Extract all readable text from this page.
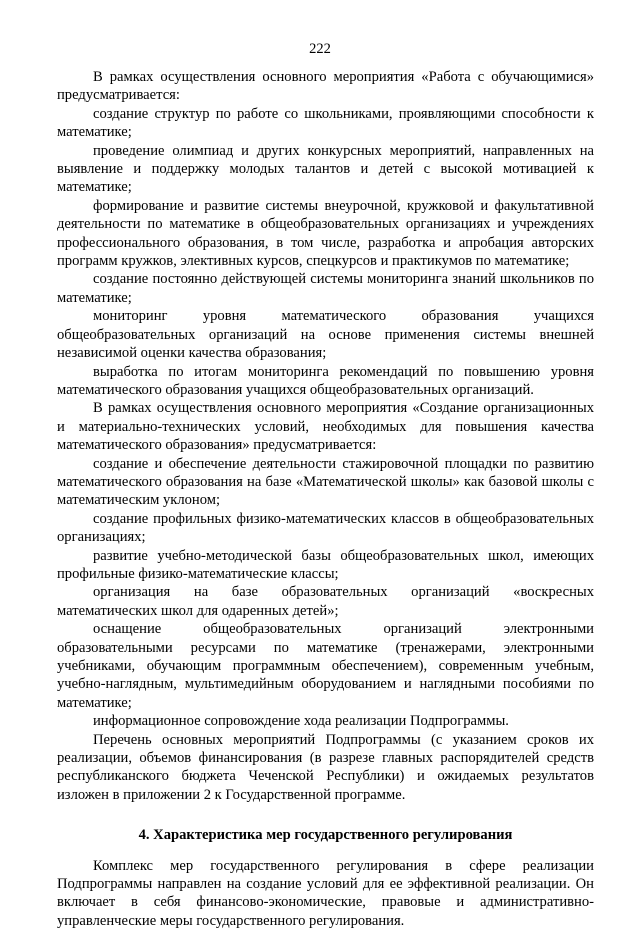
222

В рамках осуществления основного мероприятия «Работа с обучающимися» предусматривается:

создание структур по работе со школьниками, проявляющими способности к математике;

проведение олимпиад и других конкурсных мероприятий, направленных на выявление и поддержку молодых талантов и детей с высокой мотивацией к математике;

формирование и развитие системы внеурочной, кружковой и факультативной деятельности по математике в общеобразовательных организациях и учреждениях профессионального образования, в том числе, разработка и апробация авторских программ кружков, элективных курсов, спецкурсов и практикумов по математике;

создание постоянно действующей системы мониторинга знаний школьников по математике;

мониторинг уровня математического образования учащихся общеобразовательных организаций на основе применения системы внешней независимой оценки качества образования;

выработка по итогам мониторинга рекомендаций по повышению уровня математического образования учащихся общеобразовательных организаций.

В рамках осуществления основного мероприятия «Создание организационных и материально-технических условий, необходимых для повышения качества математического образования» предусматривается:

создание и обеспечение деятельности стажировочной площадки по развитию математического образования на базе «Математической школы» как базовой школы с математическим уклоном;

создание профильных физико-математических классов в общеобразовательных организациях;

развитие учебно-методической базы общеобразовательных школ, имеющих профильные физико-математические классы;

организация на базе образовательных организаций «воскресных математических школ для одаренных детей»;

оснащение общеобразовательных организаций электронными образовательными ресурсами по математике (тренажерами, электронными учебниками, обучающим программным обеспечением), современным учебным, учебно-наглядным, мультимедийным оборудованием и наглядными пособиями по математике;

информационное сопровождение хода реализации Подпрограммы.

Перечень основных мероприятий Подпрограммы (с указанием сроков их реализации, объемов финансирования (в разрезе главных распорядителей средств республиканского бюджета Чеченской Республики) и ожидаемых результатов изложен в приложении 2 к Государственной программе.

4. Характеристика мер государственного регулирования

Комплекс мер государственного регулирования в сфере реализации Подпрограммы направлен на создание условий для ее эффективной реализации. Он включает в себя финансово-экономические, правовые и административно-управленческие меры государственного регулирования.
